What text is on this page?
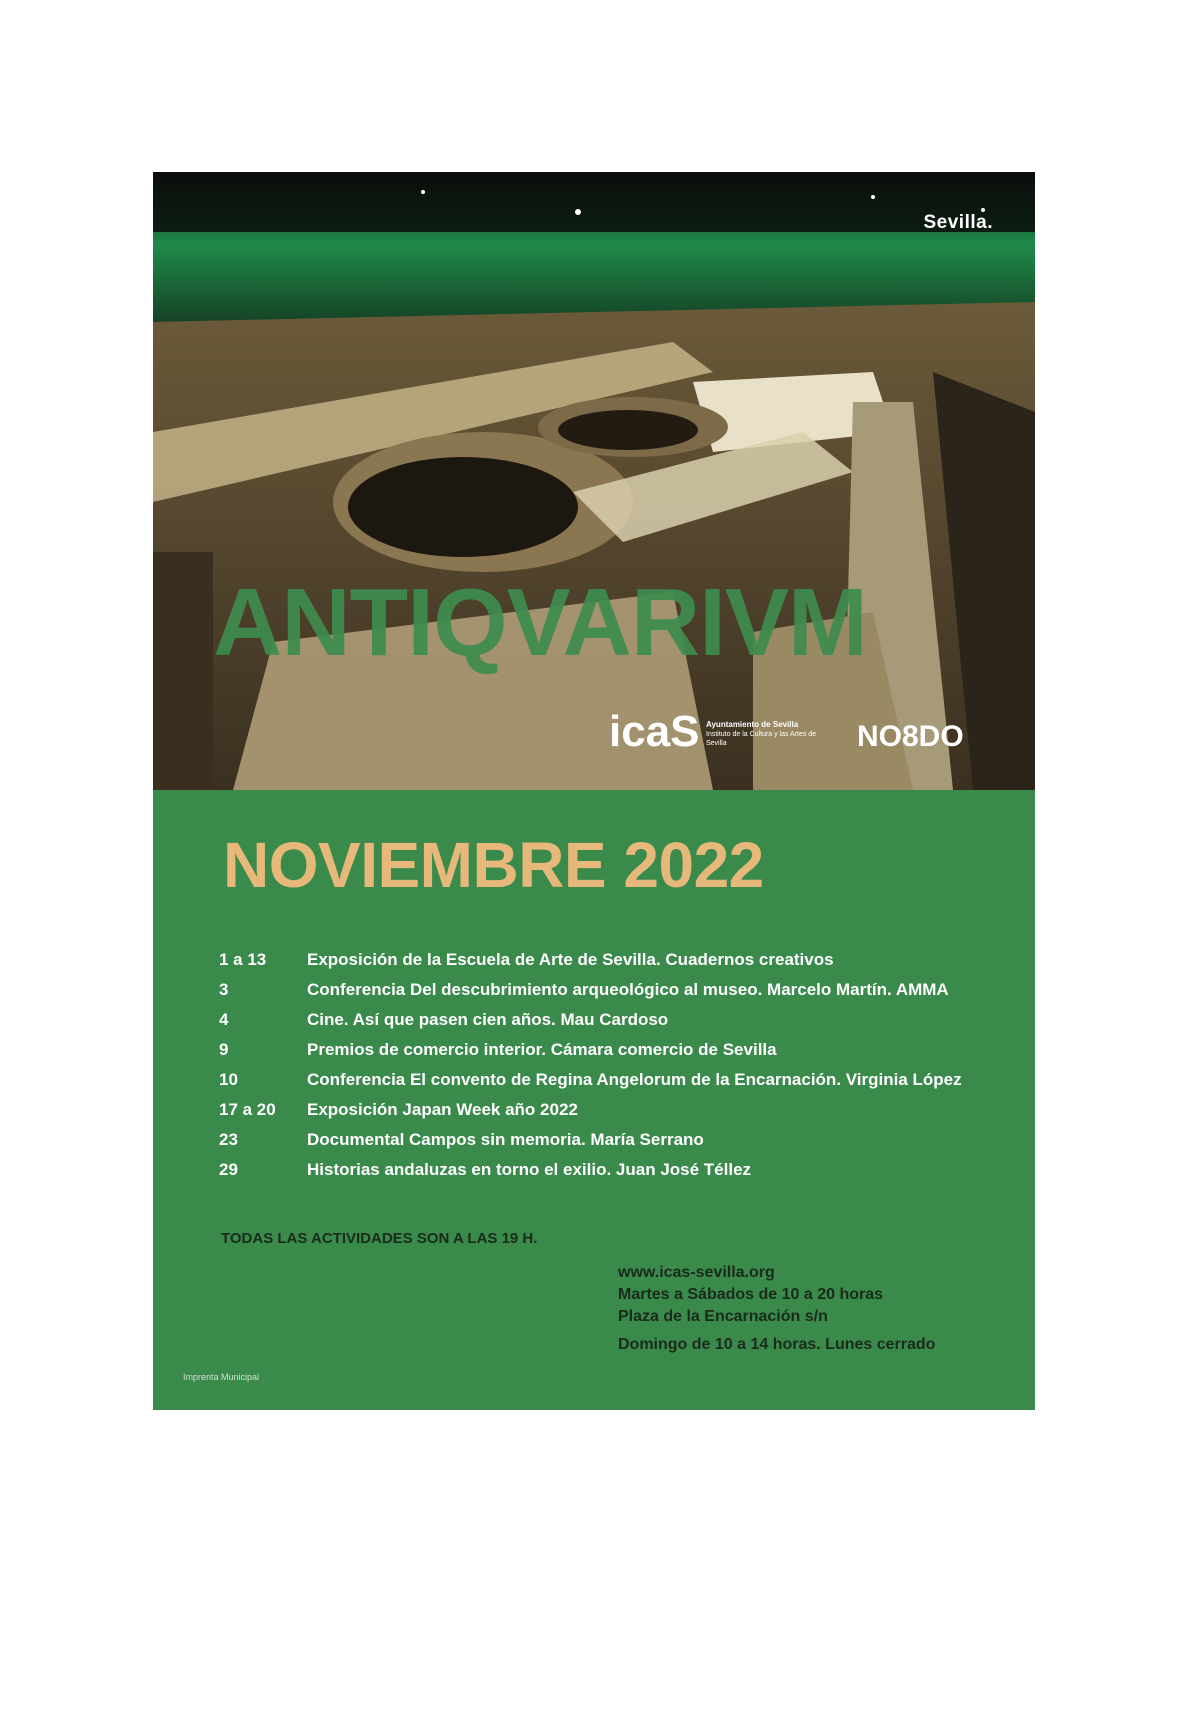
Sevilla.
ANTIQVARIVM
icaS Ayuntamiento de Sevilla
Instituto de la Cultura y las Artes de Sevilla	NO8DO
NOVIEMBRE 2022
1 a 13	Exposición de la Escuela de Arte de Sevilla. Cuadernos creativos
3	Conferencia Del descubrimiento arqueológico al museo. Marcelo Martín. AMMA
4	Cine. Así que pasen cien años. Mau Cardoso
9	Premios de comercio interior. Cámara comercio de Sevilla
10	Conferencia El convento de Regina Angelorum de la Encarnación. Virginia López
17 a 20	Exposición Japan Week año 2022
23	Documental Campos sin memoria. María Serrano
29	Historias andaluzas en torno el exilio. Juan José Téllez
TODAS LAS ACTIVIDADES SON A LAS 19 H.
www.icas-sevilla.org
Martes a Sábados de 10 a 20 horas
Plaza de la Encarnación s/n
Domingo de 10 a 14 horas. Lunes cerrado
Imprenta Municipal
